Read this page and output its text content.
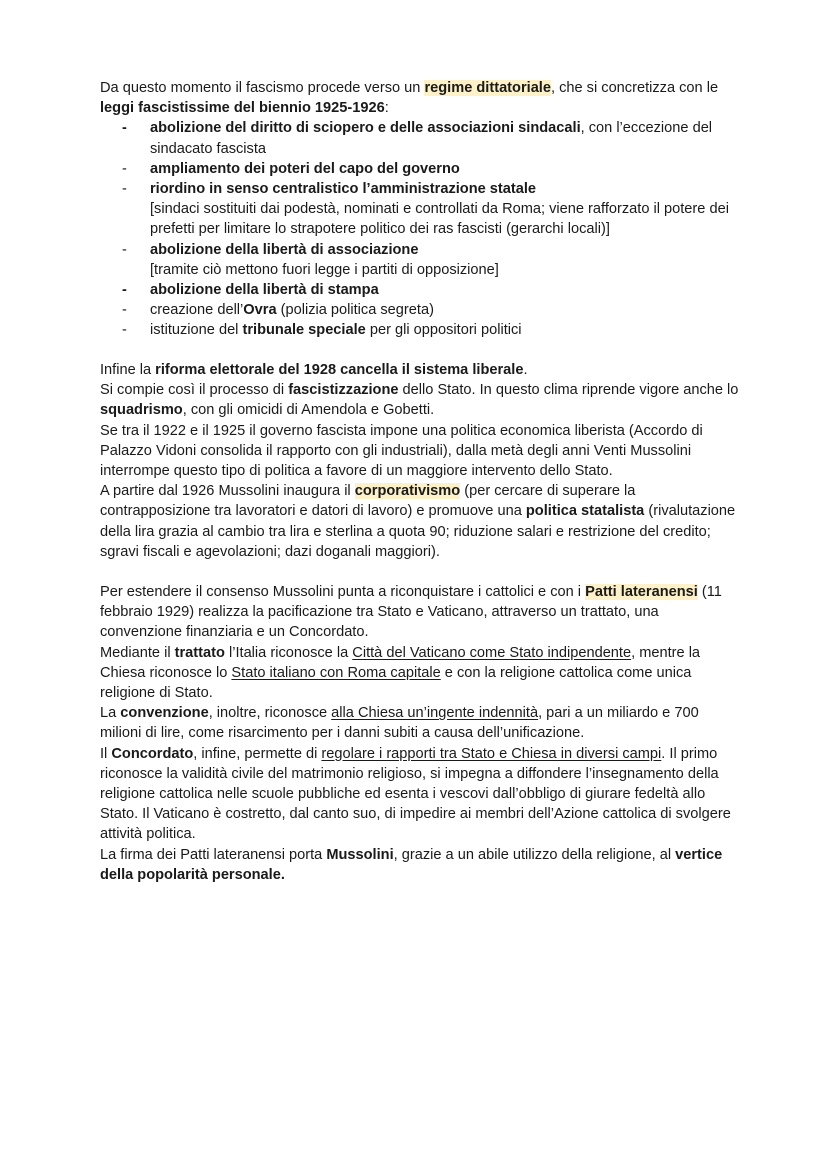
Da questo momento il fascismo procede verso un regime dittatoriale, che si concretizza con le leggi fascistissime del biennio 1925-1926:

- abolizione del diritto di sciopero e delle associazioni sindacali, con l’eccezione del sindacato fascista
- ampliamento dei poteri del capo del governo
- riordino in senso centralistico l’amministrazione statale
[sindaci sostituiti dai podestà, nominati e controllati da Roma; viene rafforzato il potere dei prefetti per limitare lo strapotere politico dei ras fascisti (gerarchi locali)]
- abolizione della libertà di associazione
[tramite ciò mettono fuori legge i partiti di opposizione]
- abolizione della libertà di stampa
- creazione dell’Ovra (polizia politica segreta)
- istituzione del tribunale speciale per gli oppositori politici

Infine la riforma elettorale del 1928 cancella il sistema liberale.

Si compie così il processo di fascistizzazione dello Stato. In questo clima riprende vigore anche lo squadrismo, con gli omicidi di Amendola e Gobetti.

Se tra il 1922 e il 1925 il governo fascista impone una politica economica liberista (Accordo di Palazzo Vidoni consolida il rapporto con gli industriali), dalla metà degli anni Venti Mussolini interrompe questo tipo di politica a favore di un maggiore intervento dello Stato.

A partire dal 1926 Mussolini inaugura il corporativismo (per cercare di superare la contrapposizione tra lavoratori e datori di lavoro) e promuove una politica statalista (rivalutazione della lira grazia al cambio tra lira e sterlina a quota 90; riduzione salari e restrizione del credito; sgravi fiscali e agevolazioni; dazi doganali maggiori).

Per estendere il consenso Mussolini punta a riconquistare i cattolici e con i Patti lateranensi (11 febbraio 1929) realizza la pacificazione tra Stato e Vaticano, attraverso un trattato, una convenzione finanziaria e un Concordato.

Mediante il trattato l’Italia riconosce la Città del Vaticano come Stato indipendente, mentre la Chiesa riconosce lo Stato italiano con Roma capitale e con la religione cattolica come unica religione di Stato.

La convenzione, inoltre, riconosce alla Chiesa un’ingente indennità, pari a un miliardo e 700 milioni di lire, come risarcimento per i danni subiti a causa dell’unificazione.

Il Concordato, infine, permette di regolare i rapporti tra Stato e Chiesa in diversi campi. Il primo riconosce la validità civile del matrimonio religioso, si impegna a diffondere l’insegnamento della religione cattolica nelle scuole pubbliche ed esenta i vescovi dall’obbligo di giurare fedeltà allo Stato. Il Vaticano è costretto, dal canto suo, di impedire ai membri dell’Azione cattolica di svolgere attività politica.

La firma dei Patti lateranensi porta Mussolini, grazie a un abile utilizzo della religione, al vertice della popolarità personale.
